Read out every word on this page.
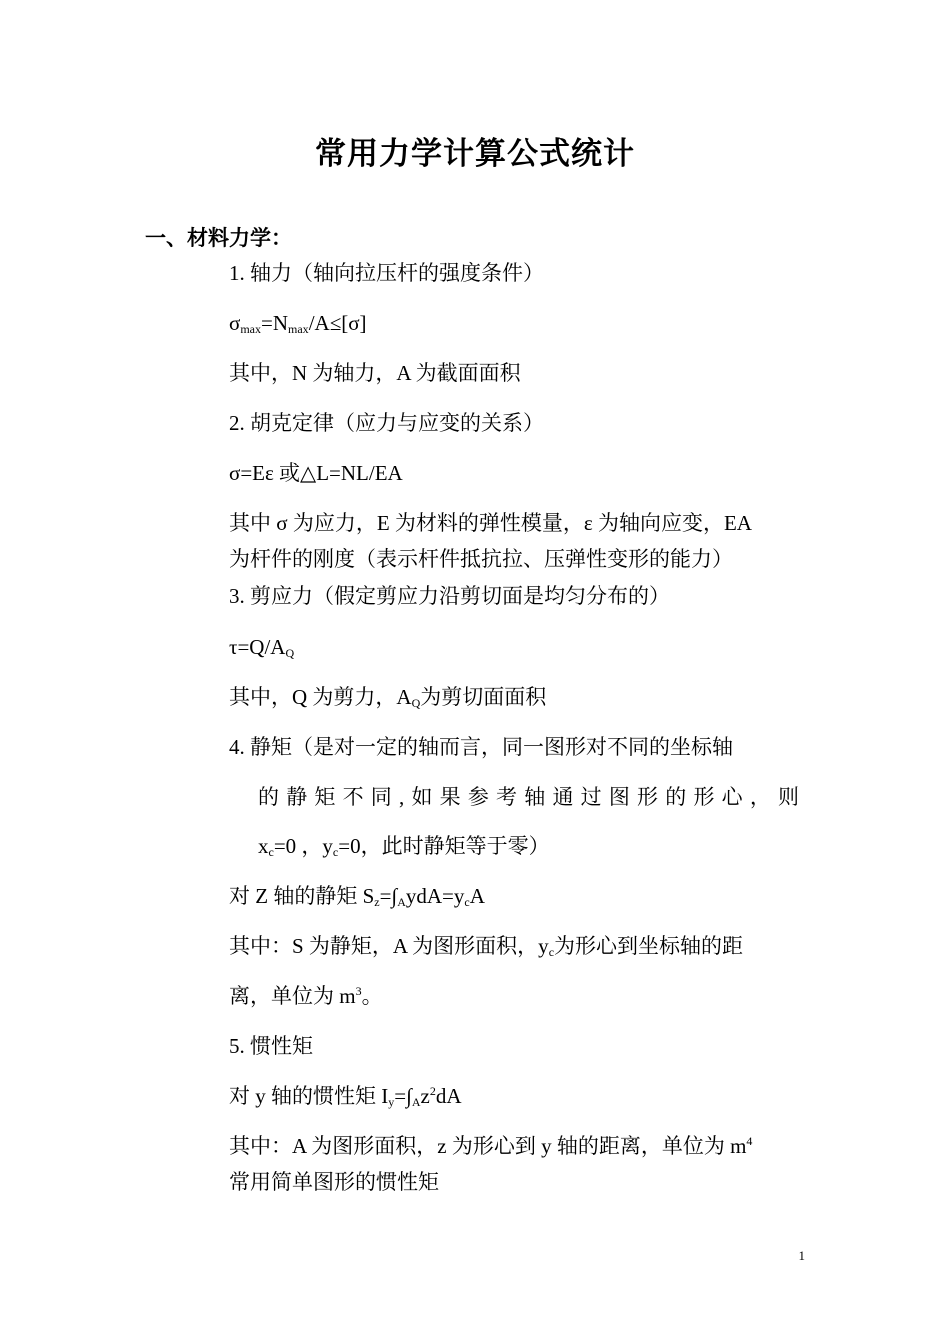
常用力学计算公式统计
一、材料力学：
1. 轴力（轴向拉压杆的强度条件）
$\sigma_{max}=N_{max}/A\le[\sigma]$
其中，N 为轴力，A 为截面面积
2. 胡克定律（应力与应变的关系）
σ=Eε 或△L=NL/EA
其中 σ 为应力，E 为材料的弹性模量，ε 为轴向应变，EA
为杆件的刚度（表示杆件抵抗拉、压弹性变形的能力）
3. 剪应力（假定剪应力沿剪切面是均匀分布的）
$\tau=Q/A_Q$
其中，Q 为剪力，$A_Q$为剪切面面积
4. 静矩（是对一定的轴而言，同一图形对不同的坐标轴
的静矩不同,如果参考轴通过图形的形心，则
$x_c=0$ ，$y_c=0$，此时静矩等于零）
对 Z 轴的静矩 $S_z=\int_AydA=y_cA$
其中：S 为静矩，A 为图形面积，$y_c$为形心到坐标轴的距
离，单位为 $m^3$。
5. 惯性矩
对 y 轴的惯性矩 $I_y=\int_Az^2dA$
其中：A 为图形面积，z 为形心到 y 轴的距离，单位为 $m^4$
常用简单图形的惯性矩
1
